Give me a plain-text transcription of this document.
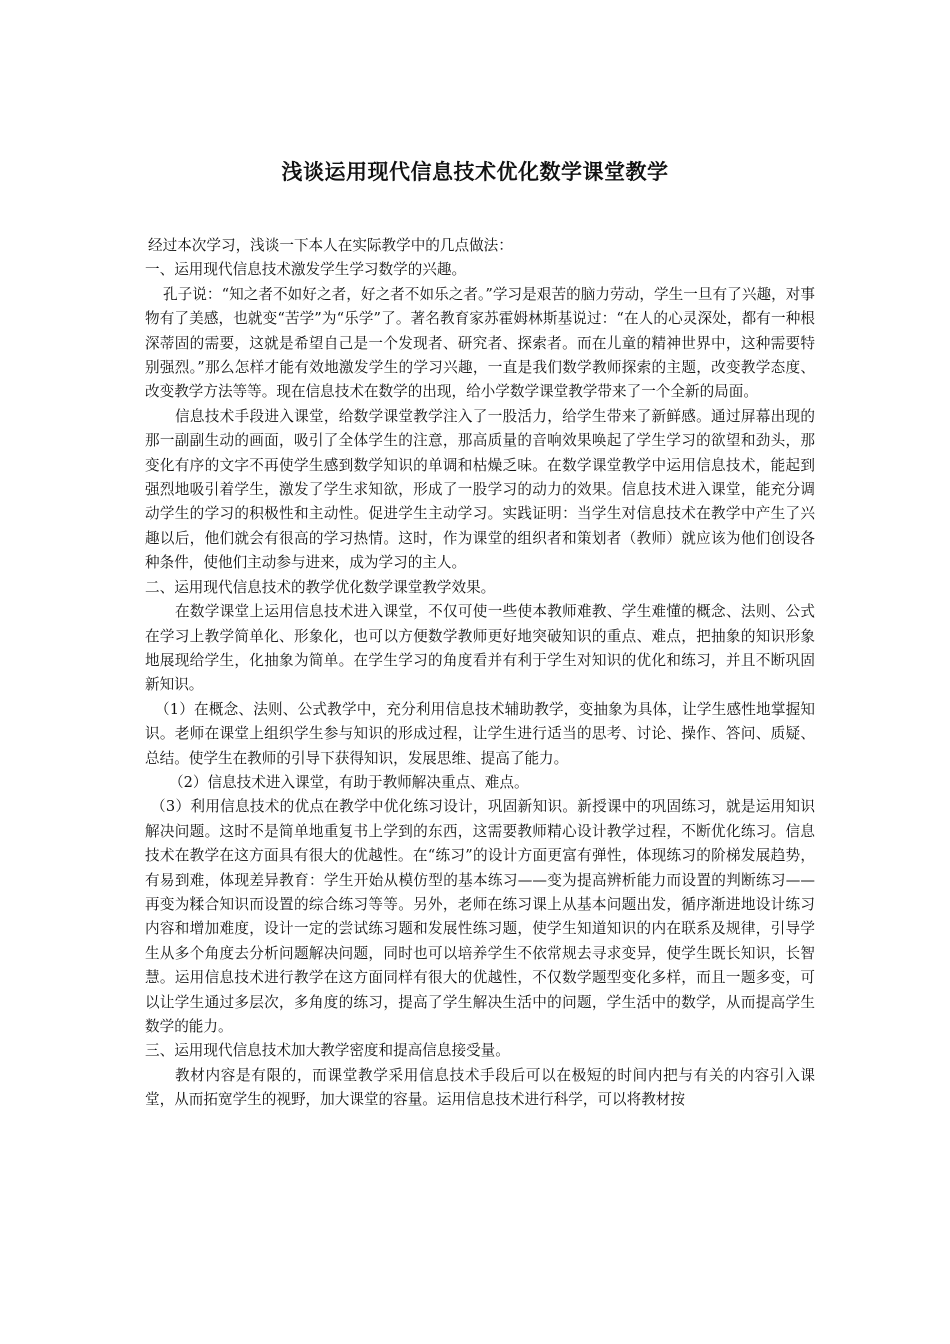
浅谈运用现代信息技术优化数学课堂教学

经过本次学习，浅谈一下本人在实际教学中的几点做法：

一、运用现代信息技术激发学生学习数学的兴趣。

孔子说：“知之者不如好之者，好之者不如乐之者。”学习是艰苦的脑力劳动，学生一旦有了兴趣，对事物有了美感，也就变“苦学”为“乐学”了。著名教育家苏霍姆林斯基说过：“在人的心灵深处，都有一种根深蒂固的需要，这就是希望自己是一个发现者、研究者、探索者。而在儿童的精神世界中，这种需要特别强烈。”那么怎样才能有效地激发学生的学习兴趣，一直是我们数学教师探索的主题，改变教学态度、改变教学方法等等。现在信息技术在数学的出现，给小学数学课堂教学带来了一个全新的局面。

信息技术手段进入课堂，给数学课堂教学注入了一股活力，给学生带来了新鲜感。通过屏幕出现的那一副副生动的画面，吸引了全体学生的注意，那高质量的音响效果唤起了学生学习的欲望和劲头，那变化有序的文字不再使学生感到数学知识的单调和枯燥乏味。在数学课堂教学中运用信息技术，能起到强烈地吸引着学生，激发了学生求知欲，形成了一股学习的动力的效果。信息技术进入课堂，能充分调动学生的学习的积极性和主动性。促进学生主动学习。实践证明：当学生对信息技术在教学中产生了兴趣以后，他们就会有很高的学习热情。这时，作为课堂的组织者和策划者（教师）就应该为他们创设各种条件，使他们主动参与进来，成为学习的主人。

二、运用现代信息技术的教学优化数学课堂教学效果。

在数学课堂上运用信息技术进入课堂，不仅可使一些使本教师难教、学生难懂的概念、法则、公式在学习上教学简单化、形象化，也可以方便数学教师更好地突破知识的重点、难点，把抽象的知识形象地展现给学生，化抽象为简单。在学生学习的角度看并有利于学生对知识的优化和练习，并且不断巩固新知识。

（1）在概念、法则、公式教学中，充分利用信息技术辅助教学，变抽象为具体，让学生感性地掌握知识。老师在课堂上组织学生参与知识的形成过程，让学生进行适当的思考、讨论、操作、答问、质疑、总结。使学生在教师的引导下获得知识，发展思维、提高了能力。

（2）信息技术进入课堂，有助于教师解决重点、难点。

（3）利用信息技术的优点在教学中优化练习设计，巩固新知识。新授课中的巩固练习，就是运用知识解决问题。这时不是简单地重复书上学到的东西，这需要教师精心设计教学过程，不断优化练习。信息技术在教学在这方面具有很大的优越性。在“练习”的设计方面更富有弹性，体现练习的阶梯发展趋势，有易到难，体现差异教育：学生开始从模仿型的基本练习——变为提高辨析能力而设置的判断练习——再变为糅合知识而设置的综合练习等等。另外，老师在练习课上从基本问题出发，循序渐进地设计练习内容和增加难度，设计一定的尝试练习题和发展性练习题，使学生知道知识的内在联系及规律，引导学生从多个角度去分析问题解决问题，同时也可以培养学生不依常规去寻求变异，使学生既长知识，长智慧。运用信息技术进行教学在这方面同样有很大的优越性，不仅数学题型变化多样，而且一题多变，可以让学生通过多层次，多角度的练习，提高了学生解决生活中的问题，学生活中的数学，从而提高学生数学的能力。

三、运用现代信息技术加大教学密度和提高信息接受量。

教材内容是有限的，而课堂教学采用信息技术手段后可以在极短的时间内把与有关的内容引入课堂，从而拓宽学生的视野，加大课堂的容量。运用信息技术进行科学，可以将教材按
